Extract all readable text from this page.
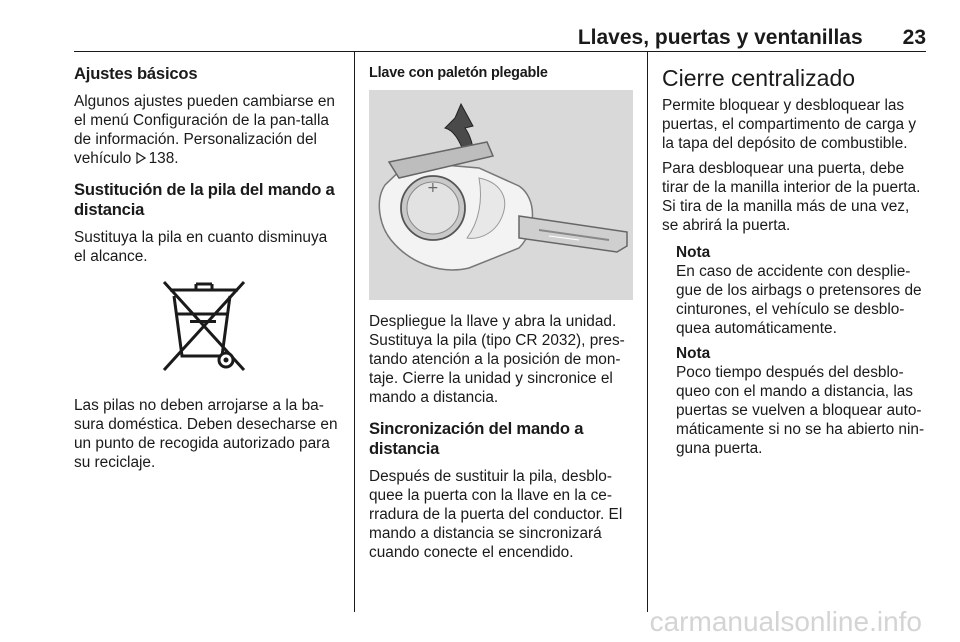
Llaves, puertas y ventanillas 23
Ajustes básicos

Algunos ajustes pueden cambiarse en el menú Configuración de la pan-talla de información. Personalización del vehículo 138.

Sustitución de la pila del mando a distancia

Sustituya la pila en cuanto disminuya el alcance.

Las pilas no deben arrojarse a la ba-sura doméstica. Deben desecharse en un punto de recogida autorizado para su reciclaje.

Llave con paletón plegable
+

Despliegue la llave y abra la unidad. Sustituya la pila (tipo CR 2032), pres-tando atención a la posición de mon-taje. Cierre la unidad y sincronice el mando a distancia.

Sincronización del mando a distancia

Después de sustituir la pila, desblo-quee la puerta con la llave en la ce-rradura de la puerta del conductor. El mando a distancia se sincronizará cuando conecte el encendido.

Cierre centralizado

Permite bloquear y desbloquear las puertas, el compartimento de carga y la tapa del depósito de combustible.

Para desbloquear una puerta, debe tirar de la manilla interior de la puerta. Si tira de la manilla más de una vez, se abrirá la puerta.

Nota

En caso de accidente con desplie-gue de los airbags o pretensores de cinturones, el vehículo se desblo-quea automáticamente.

Nota

Poco tiempo después del desblo-queo con el mando a distancia, las puertas se vuelven a bloquear auto-máticamente si no se ha abierto nin-guna puerta.

carmanualsonline.info
